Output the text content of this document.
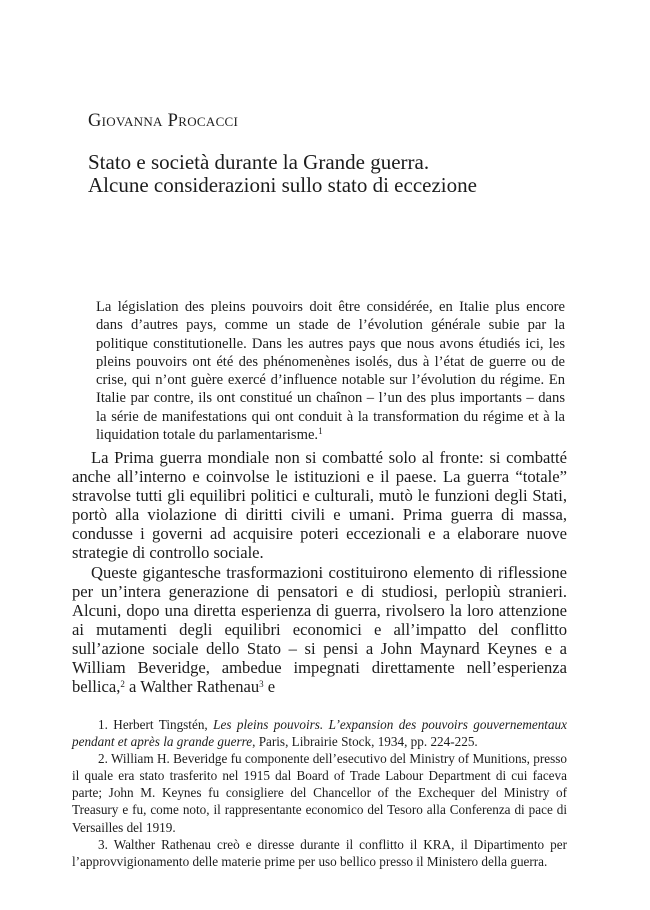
Giovanna Procacci
Stato e società durante la Grande guerra.
Alcune considerazioni sullo stato di eccezione
La législation des pleins pouvoirs doit être considérée, en Italie plus encore dans d’autres pays, comme un stade de l’évolution générale subie par la politique constitutionelle. Dans les autres pays que nous avons étudiés ici, les pleins pouvoirs ont été des phénomenènes isolés, dus à l’état de guerre ou de crise, qui n’ont guère exercé d’influence notable sur l’évolution du régime. En Italie par contre, ils ont constitué un chaînon – l’un des plus importants – dans la série de manifestations qui ont conduit à la transformation du régime et à la liquidation totale du parlamentarisme.$^1$

La Prima guerra mondiale non si combatté solo al fronte: si combatté anche all’interno e coinvolse le istituzioni e il paese. La guerra “totale” stravolse tutti gli equilibri politici e culturali, mutò le funzioni degli Stati, portò alla violazione di diritti civili e umani. Prima guerra di massa, condusse i governi ad acquisire poteri eccezionali e a elaborare nuove strategie di controllo sociale.

Queste gigantesche trasformazioni costituirono elemento di riflessione per un’intera generazione di pensatori e di studiosi, perlopiù stranieri. Alcuni, dopo una diretta esperienza di guerra, rivolsero la loro attenzione ai mutamenti degli equilibri economici e all’impatto del conflitto sull’azione sociale dello Stato – si pensi a John Maynard Keynes e a William Beveridge, ambedue impegnati direttamente nell’esperienza bellica,$^2$ a Walther Rathenau$^3$ e

1. Herbert Tingstén, Les pleins pouvoirs. L’expansion des pouvoirs gouvernementaux pendant et après la grande guerre, Paris, Librairie Stock, 1934, pp. 224-225.

2. William H. Beveridge fu componente dell’esecutivo del Ministry of Munitions, presso il quale era stato trasferito nel 1915 dal Board of Trade Labour Department di cui faceva parte; John M. Keynes fu consigliere del Chancellor of the Exchequer del Ministry of Treasury e fu, come noto, il rappresentante economico del Tesoro alla Conferenza di pace di Versailles del 1919.

3. Walther Rathenau creò e diresse durante il conflitto il KRA, il Dipartimento per l’approvvigionamento delle materie prime per uso bellico presso il Ministero della guerra.
